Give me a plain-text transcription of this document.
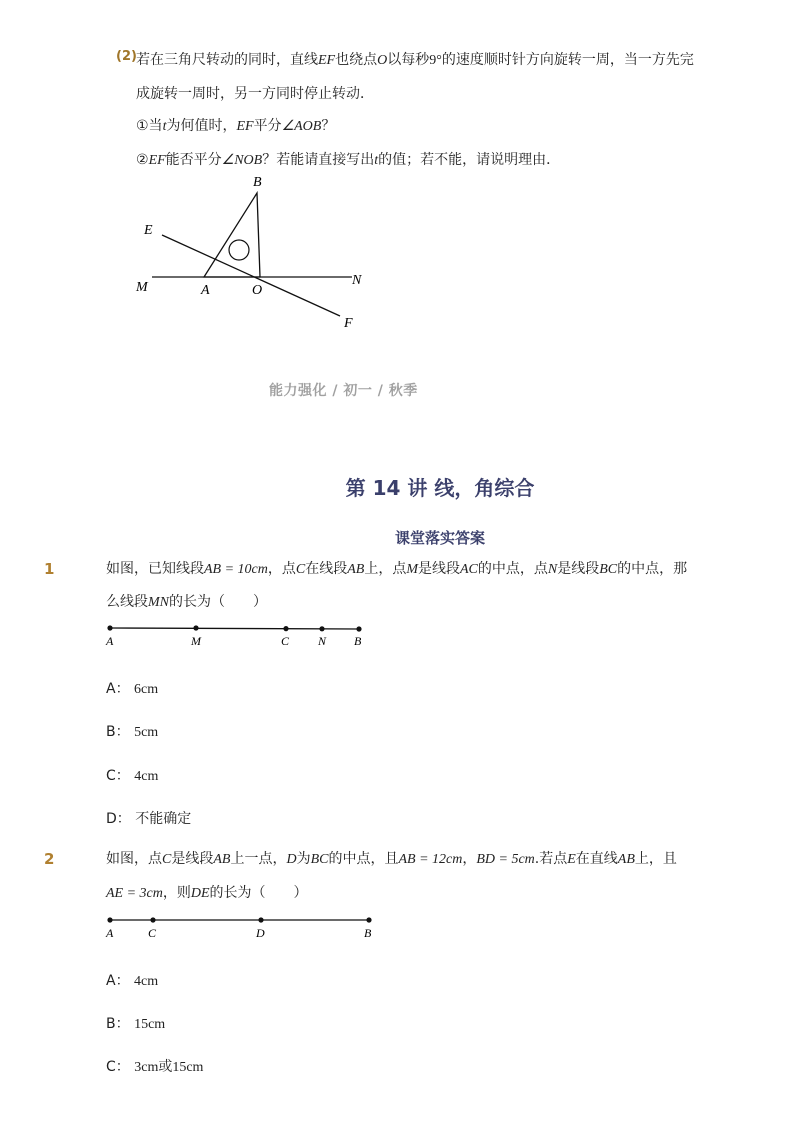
(2) 若在三角尺转动的同时，直线EF也绕点O以每秒9°的速度顺时针方向旋转一周，当一方先完
成旋转一周时，另一方同时停止转动．
①当t为何值时，EF平分∠AOB？
②EF能否平分∠NOB？若能请直接写出t的值；若不能，请说明理由．
B
E
M	A	O
N
F
能力强化 / 初一 / 秋季
第 14 讲 线，角综合
课堂落实答案
1	如图，已知线段AB = 10cm，点C在线段AB上，点M是线段AC的中点，点N是线段BC的中点，那
么线段MN的长为（　　）
A	M	C N B
A： 6cm
B： 5cm
C： 4cm
D： 不能确定
2	如图，点C是线段AB上一点，D为BC的中点，且AB = 12cm，BD = 5cm.若点E在直线AB上，且
AE = 3cm，则DE的长为（　　）
A	C	D	B
A： 4cm
B： 15cm
C： 3cm或15cm
